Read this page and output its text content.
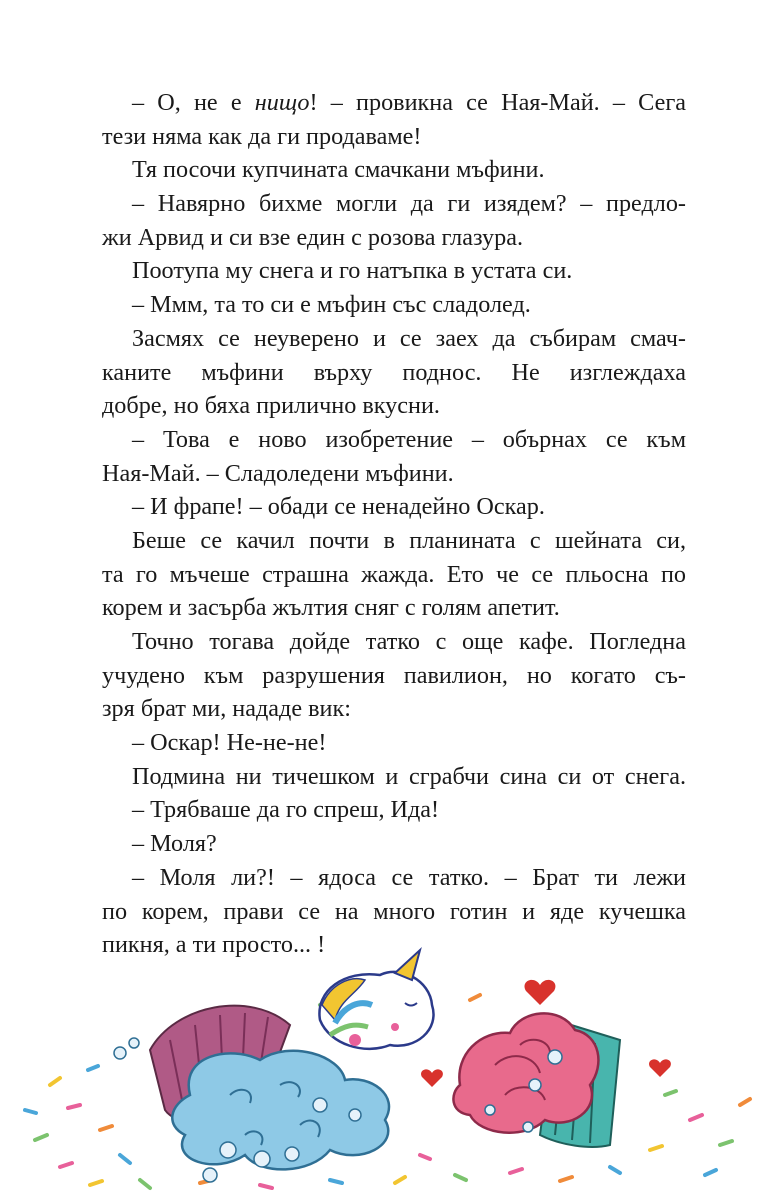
– О, не е нищо! – провикна се Ная-Май. – Сега
тези няма как да ги продаваме!
Тя посочи купчината смачкани мъфини.
– Навярно бихме могли да ги изядем? – предло-
жи Арвид и си взе един с розова глазура.
Поотупа му снега и го натъпка в устата си.
– Ммм, та то си е мъфин със сладолед.
Засмях се неуверено и се заех да събирам смач-
каните мъфини върху поднос. Не изглеждаха
добре, но бяха прилично вкусни.
– Това е ново изобретение – обърнах се към
Ная-Май. – Сладоледени мъфини.
– И фрапе! – обади се ненадейно Оскар.
Беше се качил почти в планината с шейната си,
та го мъчеше страшна жажда. Ето че се пльосна по
корем и засърба жълтия сняг с голям апетит.
Точно тогава дойде татко с още кафе. Погледна
учудено към разрушения павилион, но когато съ-
зря брат ми, нададе вик:
– Оскар! Не-не-не!
Подмина ни тичешком и сграбчи сина си от снега.
– Трябваше да го спреш, Ида!
– Моля?
– Моля ли?! – ядоса се татко. – Брат ти лежи
по корем, прави се на много готин и яде кучешка
пикня, а ти просто... !
